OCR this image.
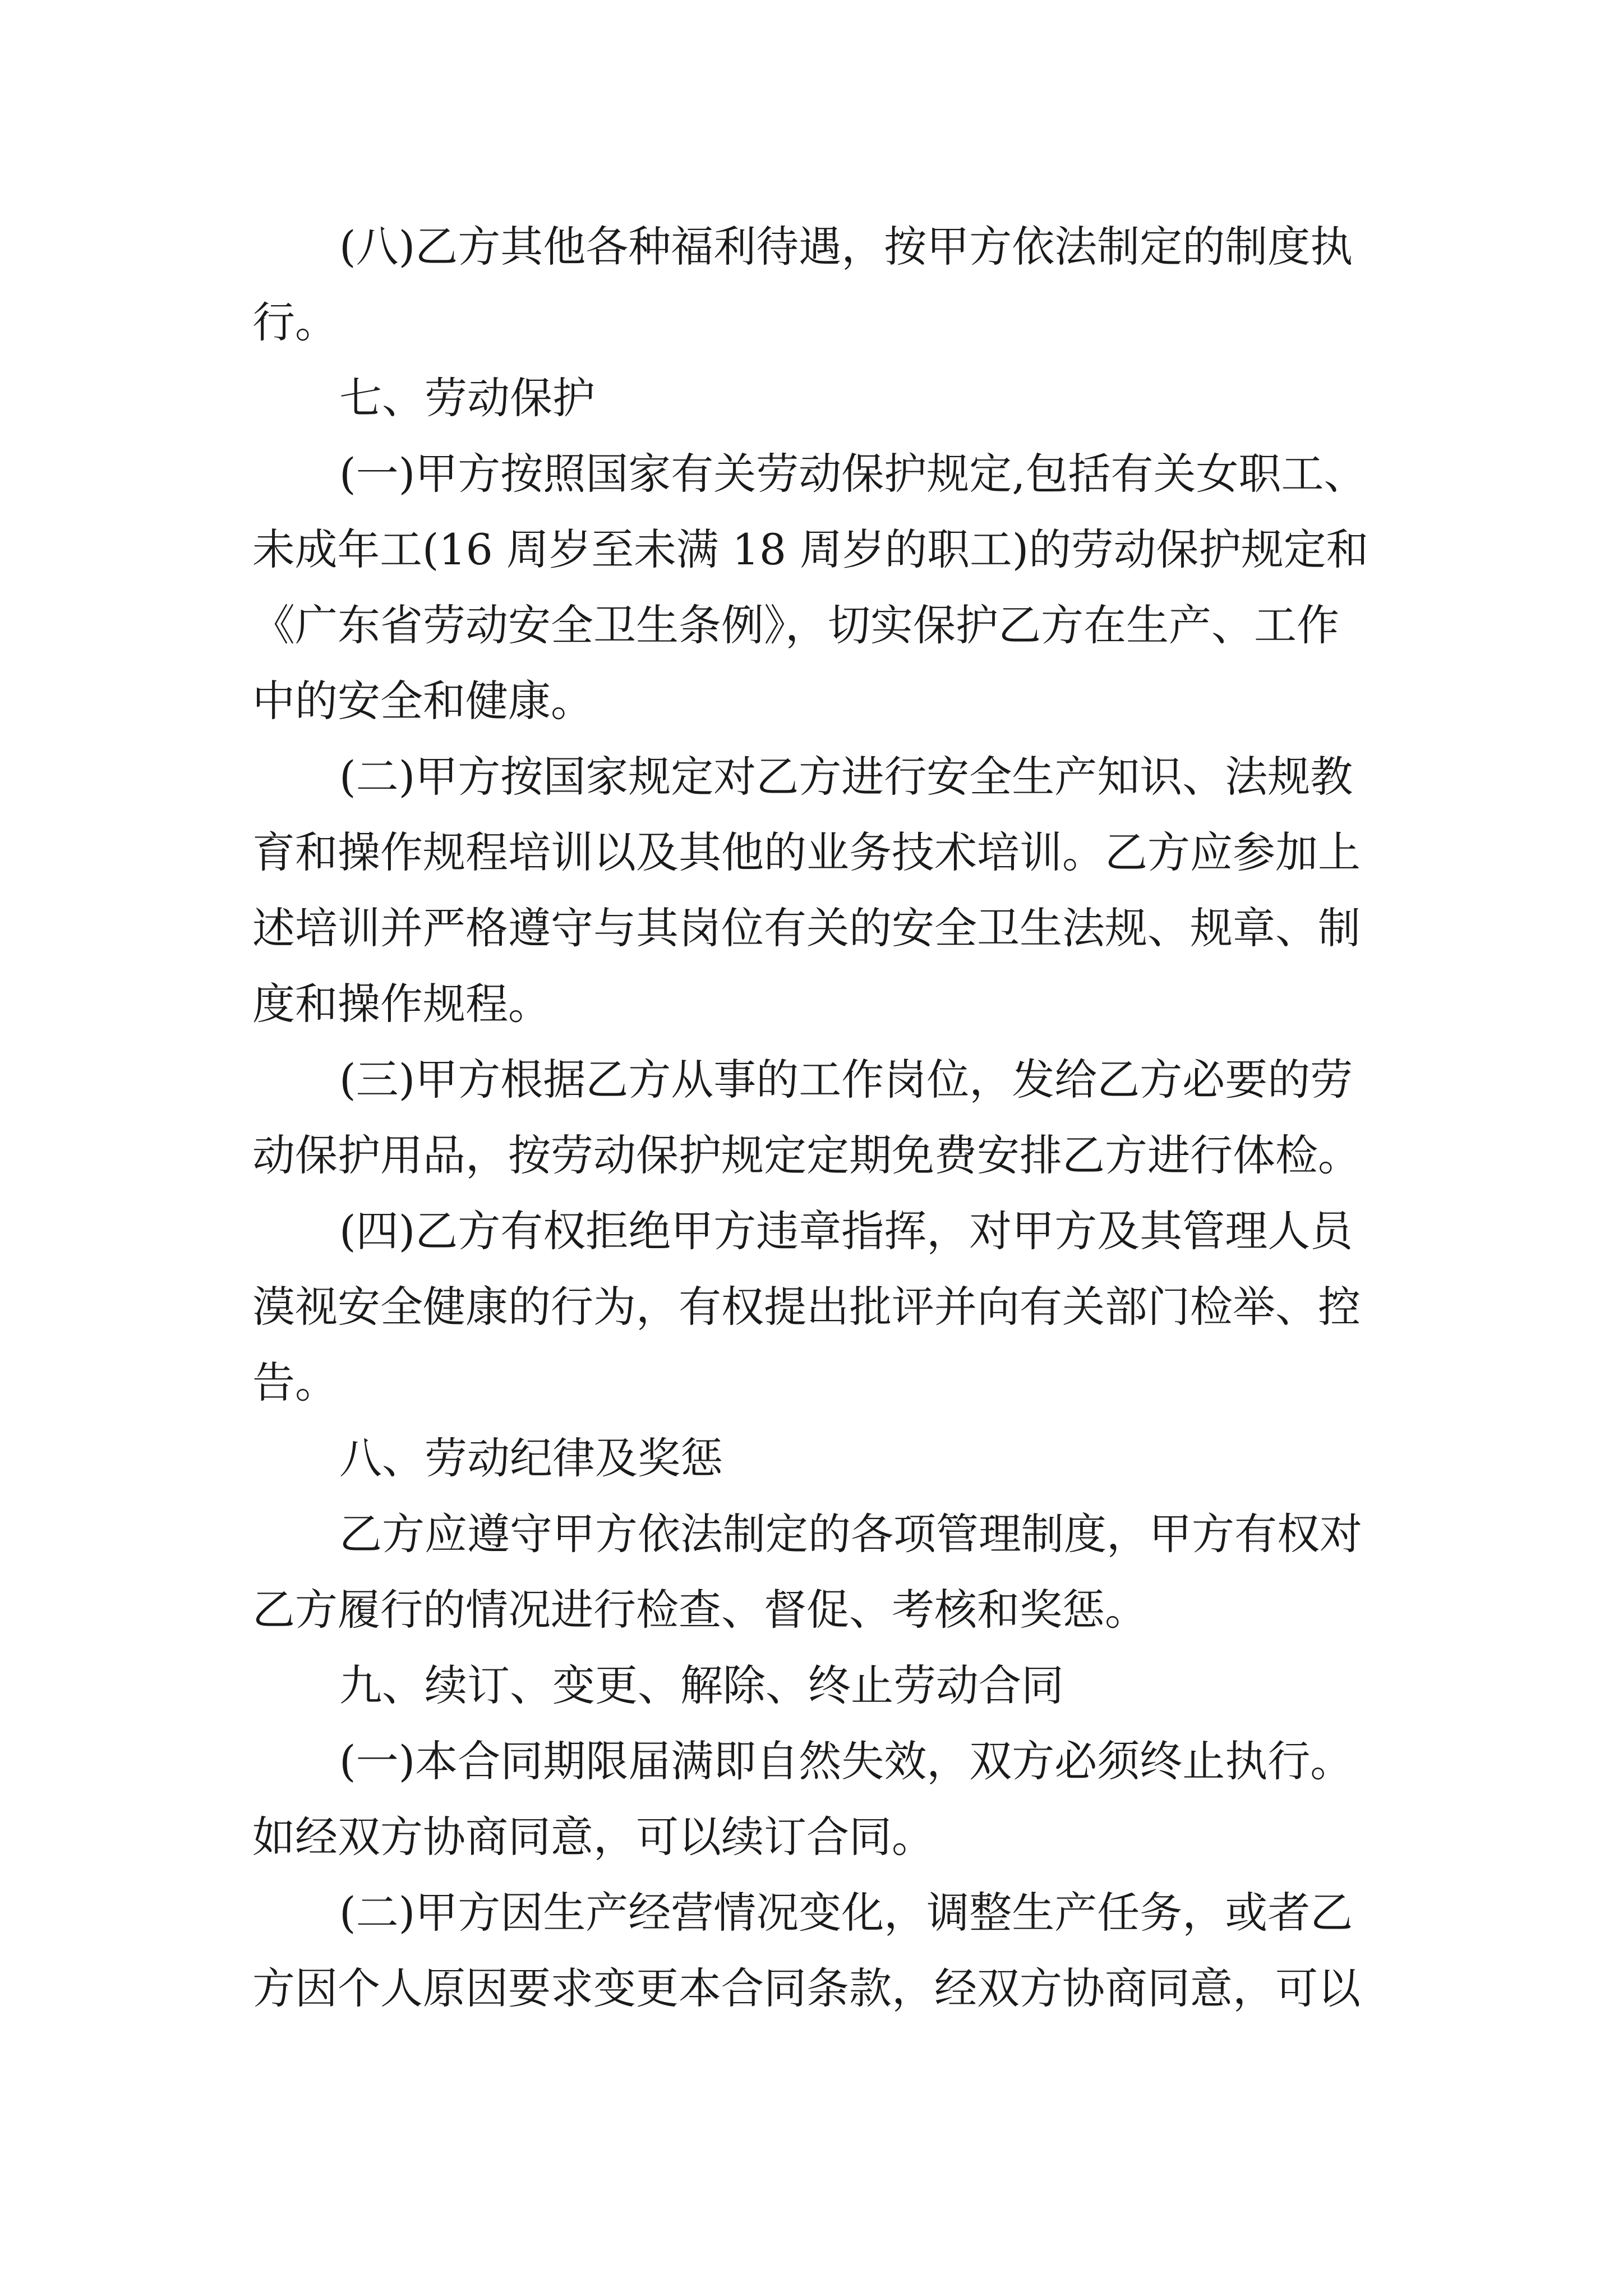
(八)乙方其他各种福利待遇，按甲方依法制定的制度执
行。
七、劳动保护
(一)甲方按照国家有关劳动保护规定,包括有关女职工、
未成年工(16 周岁至未满 18 周岁的职工)的劳动保护规定和
《广东省劳动安全卫生条例》，切实保护乙方在生产、工作
中的安全和健康。
(二)甲方按国家规定对乙方进行安全生产知识、法规教
育和操作规程培训以及其他的业务技术培训。乙方应参加上
述培训并严格遵守与其岗位有关的安全卫生法规、规章、制
度和操作规程。
(三)甲方根据乙方从事的工作岗位，发给乙方必要的劳
动保护用品，按劳动保护规定定期免费安排乙方进行体检。
(四)乙方有权拒绝甲方违章指挥，对甲方及其管理人员
漠视安全健康的行为，有权提出批评并向有关部门检举、控
告。
八、劳动纪律及奖惩
乙方应遵守甲方依法制定的各项管理制度，甲方有权对
乙方履行的情况进行检查、督促、考核和奖惩。
九、续订、变更、解除、终止劳动合同
(一)本合同期限届满即自然失效，双方必须终止执行。
如经双方协商同意，可以续订合同。
(二)甲方因生产经营情况变化，调整生产任务，或者乙
方因个人原因要求变更本合同条款，经双方协商同意，可以
